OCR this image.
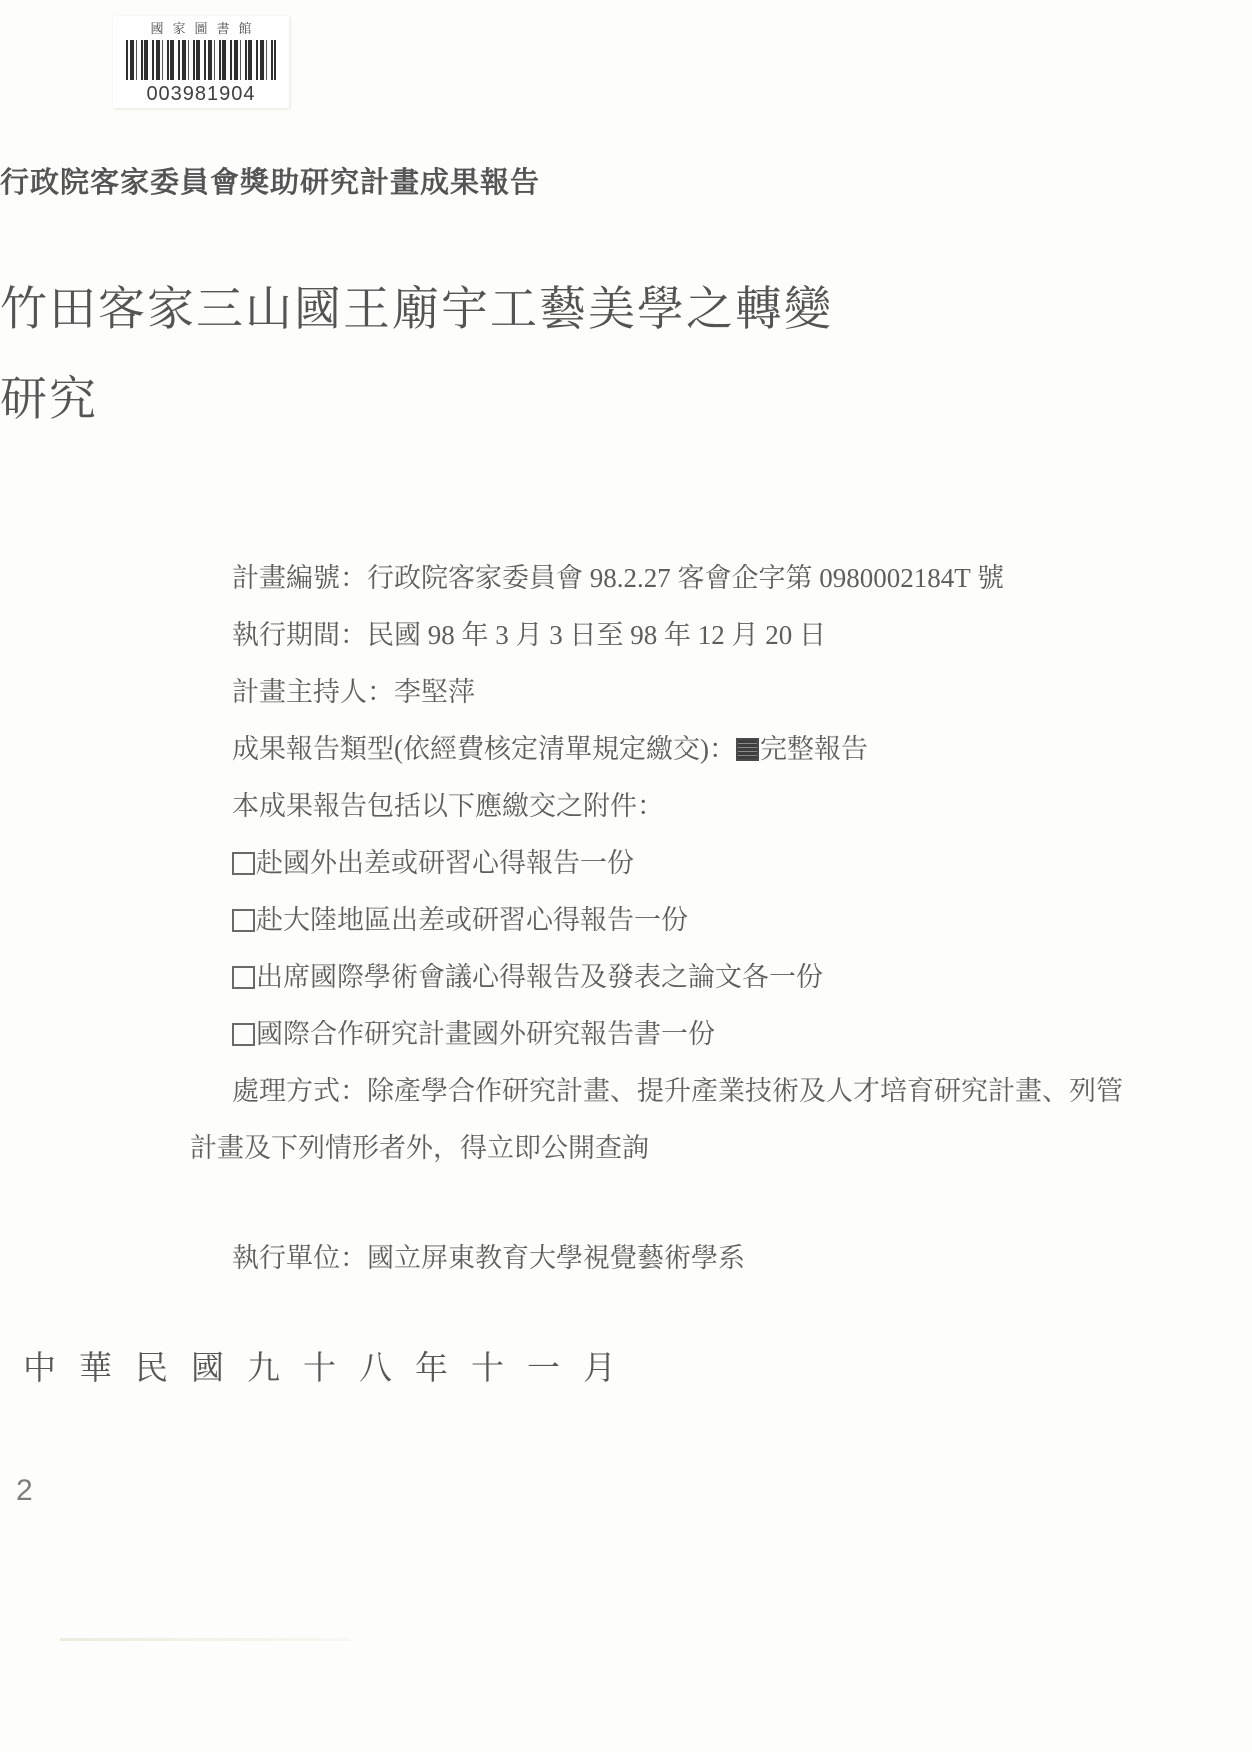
國家圖書館
003981904
行政院客家委員會獎助研究計畫成果報告
竹田客家三山國王廟宇工藝美學之轉變
研究
計畫編號：行政院客家委員會 98.2.27 客會企字第 0980002184T 號
執行期間：民國 98 年 3 月 3 日至 98 年 12 月 20 日
計畫主持人：李堅萍
成果報告類型(依經費核定清單規定繳交)： 完整報告
本成果報告包括以下應繳交之附件：
赴國外出差或研習心得報告一份
赴大陸地區出差或研習心得報告一份
出席國際學術會議心得報告及發表之論文各一份
國際合作研究計畫國外研究報告書一份
處理方式：除產學合作研究計畫、提升產業技術及人才培育研究計畫、列管
計畫及下列情形者外，得立即公開查詢
執行單位：國立屏東教育大學視覺藝術學系
中華民國九十八年十一月
2
